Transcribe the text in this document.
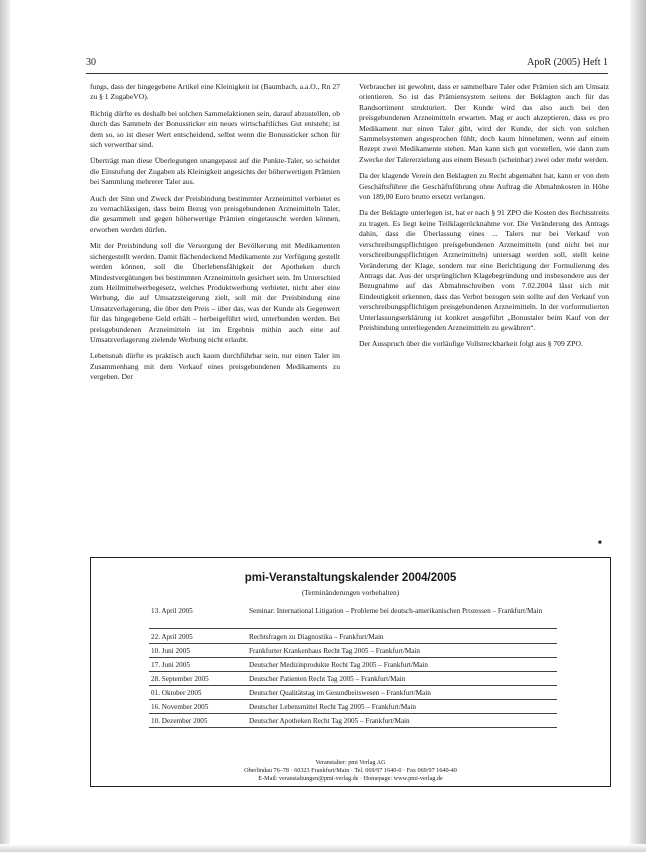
30	ApoR (2005) Heft 1

fungs, dass der hingegebene Artikel eine Kleinigkeit ist (Baumbach, a.a.O., Rn 27 zu § 1 ZugabeVO).

Richtig dürfte es deshalb bei solchen Sammelaktionen sein, darauf abzustellen, ob durch das Sammeln der Bonussticker ein neues wirtschaftliches Gut entsteht; ist dem so, so ist dieser Wert entscheidend, selbst wenn die Bonussticker schon für sich verwertbar sind.

Überträgt man diese Überlegungen unangepasst auf die Punkte-Taler, so scheidet die Einstufung der Zugaben als Kleinigkeit angesichts der höherwertigen Prämien bei Sammlung mehrerer Taler aus.

Auch der Sinn und Zweck der Preisbindung bestimmter Arzneimittel verbietet es zu vernachlässigen, dass beim Bezug von preisgebundenen Arzneimitteln Taler, die gesammelt und gegen höherwertige Prämien eingetauscht werden können, erworben werden dürfen.

Mit der Preisbindung soll die Versorgung der Bevölkerung mit Medikamenten sichergestellt werden. Damit flächendeckend Medikamente zur Verfügung gestellt werden können, soll die Überlebensfähigkeit der Apotheken durch Mindestvergütungen bei bestimmten Arzneimitteln gesichert sein. Im Unterschied zum Heilmittelwerbegesetz, welches Produktwerbung verbietet, nicht aber eine Werbung, die auf Umsatzsteigerung zielt, soll mit der Preisbindung eine Umsatzverlagerung, die über den Preis – über das, was der Kunde als Gegenwert für das hingegebene Geld erhält – herbeigeführt wird, unterbunden werden. Bei preisgebundenen Arzneimitteln ist im Ergebnis mithin auch eine auf Umsatzverlagerung zielende Werbung nicht erlaubt.

Lebensnah dürfte es praktisch auch kaum durchführbar sein, nur einen Taler im Zusammenhang mit dem Verkauf eines preisgebundenen Medikaments zu vergeben. Der

Verbraucher ist gewohnt, dass er sammelbare Taler oder Prämien sich am Umsatz orientieren. So ist das Prämiensystem seitens der Beklagten auch für das Randsortiment strukturiert. Der Kunde wird das also auch bei den preisgebundenen Arzneimitteln erwarten. Mag er auch akzeptieren, dass es pro Medikament nur einen Taler gibt, wird der Kunde, der sich von solchen Sammelsystemen angesprochen fühlt, doch kaum hinnehmen, wenn auf einem Rezept zwei Medikamente stehen. Man kann sich gut vorstellen, wie dann zum Zwecke der Talererzielung aus einem Besuch (scheinbar) zwei oder mehr werden.

Da der klagende Verein den Beklagten zu Recht abgemahnt hat, kann er von dem Geschäftsführer die Geschäftsführung ohne Auftrag die Abmahnkosten in Höhe von 189,00 Euro brutto ersetzt verlangen.

Da der Beklagte unterlegen ist, hat er nach § 91 ZPO die Kosten des Rechtsstreits zu tragen. Es liegt keine Teilklagerücknahme vor. Die Veränderung des Antrags dahin, dass die Überlassung eines ... Talers nur bei Verkauf von verschreibungspflichtigen preisgebundenen Arzneimitteln (und nicht bei nur verschreibungspflichtigen Arzneimitteln) untersagt werden soll, stellt keine Veränderung der Klage, sondern nur eine Berichtigung der Formulierung des Antrags dar. Aus der ursprünglichen Klagebegründung und insbesondere aus der Bezugnahme auf das Abmahnschreiben vom 7.02.2004 lässt sich mit Eindeutigkeit erkennen, dass das Verbot bezogen sein sollte auf den Verkauf von verschreibungspflichtigen preisgebundenen Arzneimitteln. In der vorformulierten Unterlassungserklärung ist konkret ausgeführt „Bonustaler beim Kauf von der Preisbindung unterliegenden Arzneimitteln zu gewähren“.

Der Ausspruch über die vorläufige Vollstreckbarkeit folgt aus § 709 ZPO.

■
pmi-Veranstaltungskalender 2004/2005
(Terminänderungen vorbehalten)
13. April 2005	Seminar: International Litigation – Probleme bei deutsch-amerikanischen Prozessen – Frankfurt/Main
22. April 2005	Rechtsfragen zu Diagnostika – Frankfurt/Main
10. Juni 2005	Frankfurter Krankenhaus Recht Tag 2005 – Frankfurt/Main
17. Juni 2005	Deutscher Medizinprodukte Recht Tag 2005 – Frankfurt/Main
28. September 2005	Deutscher Patienten Recht Tag 2005 – Frankfurt/Main
01. Oktober 2005	Deutscher Qualitätstag im Gesundheitswesen – Frankfurt/Main
16. November 2005	Deutscher Lebensmittel Recht Tag 2005 – Frankfurt/Main
10. Dezember 2005	Deutscher Apotheken Recht Tag 2005 – Frankfurt/Main
Veranstalter: pmi Verlag AG
Oberlindau 76–78 · 60323 Frankfurt/Main · Tel. 069/97 1640-0 · Fax 069/97 1640-40
E-Mail: veranstaltungen@pmi-verlag.de · Homepage: www.pmi-verlag.de
